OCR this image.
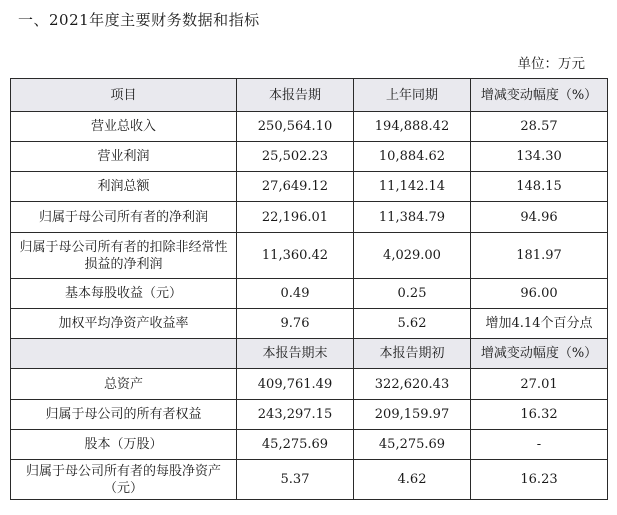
一、2021年度主要财务数据和指标
单位：万元
项目	本报告期	上年同期	增减变动幅度（%）
营业总收入	250,564.10	194,888.42	28.57
营业利润	25,502.23	10,884.62	134.30
利润总额	27,649.12	11,142.14	148.15
归属于母公司所有者的净利润	22,196.01	11,384.79	94.96
归属于母公司所有者的扣除非经常性损益的净利润	11,360.42	4,029.00	181.97
基本每股收益（元）	0.49	0.25	96.00
加权平均净资产收益率	9.76	5.62	增加4.14个百分点
	本报告期末	本报告期初	增减变动幅度（%）
总资产	409,761.49	322,620.43	27.01
归属于母公司的所有者权益	243,297.15	209,159.97	16.32
股本（万股）	45,275.69	45,275.69	-
归属于母公司所有者的每股净资产（元）	5.37	4.62	16.23
